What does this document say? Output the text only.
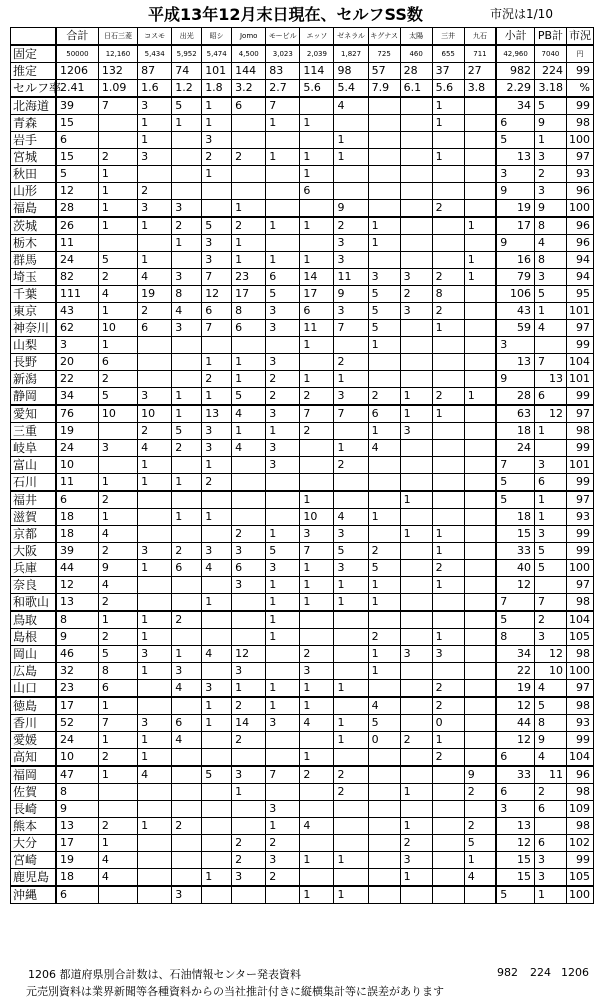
平成13年12月末日現在、セルフSS数	市況は1/10
	合計	日石三菱	コスモ	出光	昭シ	Jomo	モービル	エッソ	ゼネラル	キグナス	太陽	三井	九石	小計	PB計	市況
固定	50000	12,160	5,434	5,952	5,474	4,500	3,023	2,039	1,827	725	460	655	711	42,960	7040	円
推定	1206	132	87	74	101	144	83	114	98	57	28	37	27	982	224	99
セルフ率	2.41	1.09	1.6	1.2	1.8	3.2	2.7	5.6	5.4	7.9	6.1	5.6	3.8	2.29	3.18	%
北海道	39	7	3	5	1	6	7		4			1		34	5	99
青森	15		1	1	1		1	1				1		6	9	98
岩手	6		1		3				1					5	1	100
宮城	15	2	3		2	2	1	1	1			1		13	3	97
秋田	5	1			1			1						3	2	93
山形	12	1	2					6						9	3	96
福島	28	1	3	3		1			9			2		19	9	100
茨城	26	1	1	2	5	2	1	1	2	1			1	17	8	96
栃木	11			1	3	1			3	1				9	4	96
群馬	24	5	1		3	1	1	1	3				1	16	8	94
埼玉	82	2	4	3	7	23	6	14	11	3	3	2	1	79	3	94
千葉	111	4	19	8	12	17	5	17	9	5	2	8		106	5	95
東京	43	1	2	4	6	8	3	6	3	5	3	2		43	1	101
神奈川	62	10	6	3	7	6	3	11	7	5		1		59	4	97
山梨	3	1						1		1				3		99
長野	20	6			1	1	3		2					13	7	104
新潟	22	2			2	1	2	1	1					9	13	101
静岡	34	5	3	1	1	5	2	2	3	2	1	2	1	28	6	99
愛知	76	10	10	1	13	4	3	7	7	6	1	1		63	12	97
三重	19		2	5	3	1	1	2		1	3			18	1	98
岐阜	24	3	4	2	3	4	3		1	4				24		99
富山	10		1		1		3		2					7	3	101
石川	11	1	1	1	2									5	6	99
福井	6	2						1			1			5	1	97
滋賀	18	1		1	1			10	4	1				18	1	93
京都	18	4				2	1	3	3		1	1		15	3	99
大阪	39	2	3	2	3	3	5	7	5	2		1		33	5	99
兵庫	44	9	1	6	4	6	3	1	3	5		2		40	5	100
奈良	12	4				3	1	1	1	1		1		12		97
和歌山	13	2			1		1	1	1	1				7	7	98
鳥取	8	1	1	2			1							5	2	104
島根	9	2	1				1			2		1		8	3	105
岡山	46	5	3	1	4	12		2		1	3	3		34	12	98
広島	32	8	1	3		3		3		1				22	10	100
山口	23	6		4	3	1	1	1	1			2		19	4	97
徳島	17	1			1	2	1	1		4		2		12	5	98
香川	52	7	3	6	1	14	3	4	1	5		0		44	8	93
愛媛	24	1	1	4		2			1	0	2	1		12	9	99
高知	10	2	1					1				2		6	4	104
福岡	47	1	4		5	3	7	2	2				9	33	11	96
佐賀	8					1			2		1		2	6	2	98
長崎	9						3							3	6	109
熊本	13	2	1	2			1	4			1		2	13		98
大分	17	1				2	2				2		5	12	6	102
宮崎	19	4				2	3	1	1		3		1	15	3	99
鹿児島	18	4			1	3	2				1		4	15	3	105
沖縄	6			3				1	1					5	1	100
1206 都道府県別合計数は、石油情報センター発表資料	982 224 1206
元売別資料は業界新聞等各種資料からの当社推計付きに縦横集計等に誤差があります
